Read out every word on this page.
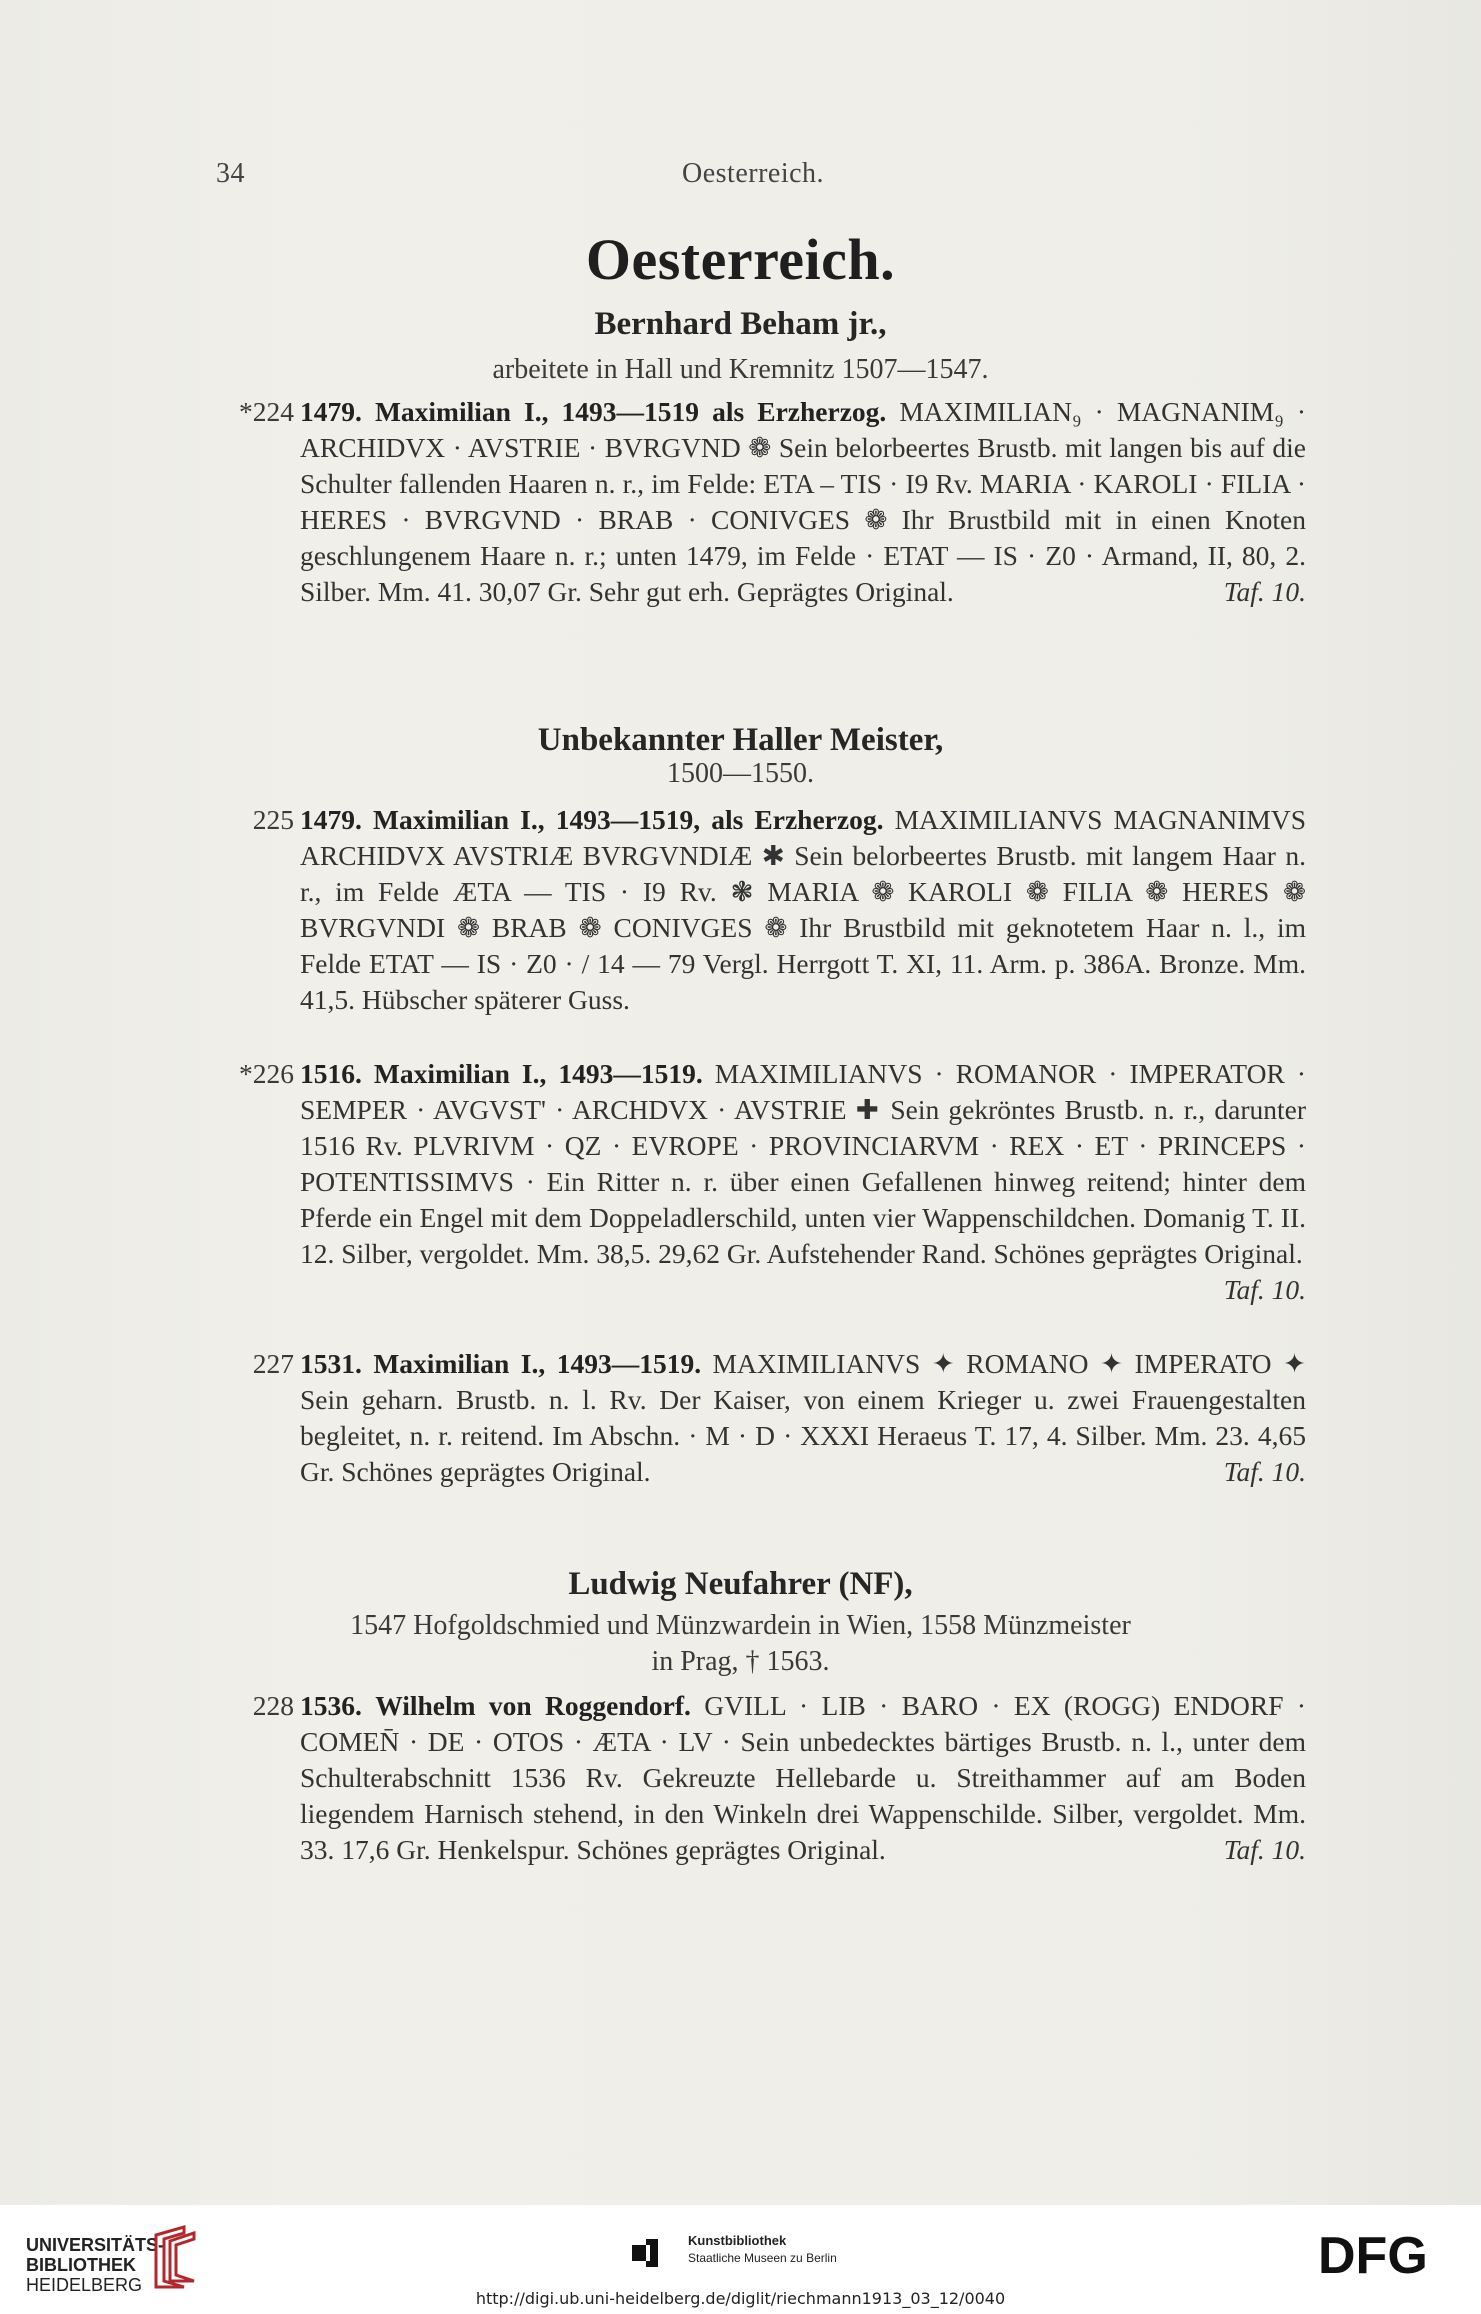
34	Oesterreich.
Oesterreich.
Bernhard Beham jr.,
arbeitete in Hall und Kremnitz 1507—1547.
*224 1479. Maximilian I., 1493—1519 als Erzherzog. MAXIMILIAN₉ · MAGNANIM₉ · ARCHIDVX · AVSTRIE · BVRGVND ❁ Sein belorbeertes Brustb. mit langen bis auf die Schulter fallenden Haaren n. r., im Felde: ETA – TIS · I9 Rv. MARIA · KAROLI · FILIA · HERES · BVRGVND · BRAB · CONIVGES ❁ Ihr Brustbild mit in einen Knoten geschlungenem Haare n. r.; unten 1479, im Felde · ETAT — IS · Z0 · Armand, II, 80, 2. Silber. Mm. 41. 30,07 Gr. Sehr gut erh. Geprägtes Original.	Taf. 10.
Unbekannter Haller Meister,
1500—1550.
225 1479. Maximilian I., 1493—1519, als Erzherzog. MAXIMILIANVS MAGNANIMVS ARCHIDVX AVSTRIÆ BVRGVNDIÆ ✱ Sein belorbeertes Brustb. mit langem Haar n. r., im Felde ÆTA — TIS · I9 Rv. ❃ MARIA ❁ KAROLI ❁ FILIA ❁ HERES ❁ BVRGVNDI ❁ BRAB ❁ CONIVGES ❁ Ihr Brustbild mit geknotetem Haar n. l., im Felde ETAT — IS · Z0 · / 14 — 79 Vergl. Herrgott T. XI, 11. Arm. p. 386A. Bronze. Mm. 41,5. Hübscher späterer Guss.
*226 1516. Maximilian I., 1493—1519. MAXIMILIANVS · ROMANOR · IMPERATOR · SEMPER · AVGVST' · ARCHDVX · AVSTRIE ✚ Sein gekröntes Brustb. n. r., darunter 1516 Rv. PLVRIVM · QZ · EVROPE · PROVINCIARVM · REX · ET · PRINCEPS · POTENTISSIMVS · Ein Ritter n. r. über einen Gefallenen hinweg reitend; hinter dem Pferde ein Engel mit dem Doppeladlerschild, unten vier Wappenschildchen. Domanig T. II. 12. Silber, vergoldet. Mm. 38,5. 29,62 Gr. Aufstehender Rand. Schönes geprägtes Original.
Taf. 10.
227 1531. Maximilian I., 1493—1519. MAXIMILIANVS ✦ ROMANO ✦ IMPERATO ✦ Sein geharn. Brustb. n. l. Rv. Der Kaiser, von einem Krieger u. zwei Frauengestalten begleitet, n. r. reitend. Im Abschn. · M · D · XXXI Heraeus T. 17, 4. Silber. Mm. 23. 4,65 Gr. Schönes geprägtes Original.	Taf. 10.
Ludwig Neufahrer (NF),
1547 Hofgoldschmied und Münzwardein in Wien, 1558 Münzmeister
in Prag, † 1563.
228 1536. Wilhelm von Roggendorf. GVILL · LIB · BARO · EX (ROGG) ENDORF · COMEN̄ · DE · OTOS · ÆTA · LV · Sein unbedecktes bärtiges Brustb. n. l., unter dem Schulterabschnitt 1536 Rv. Gekreuzte Hellebarde u. Streithammer auf am Boden liegendem Harnisch stehend, in den Winkeln drei Wappenschilde. Silber, vergoldet. Mm. 33. 17,6 Gr. Henkelspur. Schönes geprägtes Original.	Taf. 10.
UNIVERSITÄTS-
BIBLIOTHEK
HEIDELBERG
Kunstbibliothek
Staatliche Museen zu Berlin	DFG
http://digi.ub.uni-heidelberg.de/diglit/riechmann1913_03_12/0040
